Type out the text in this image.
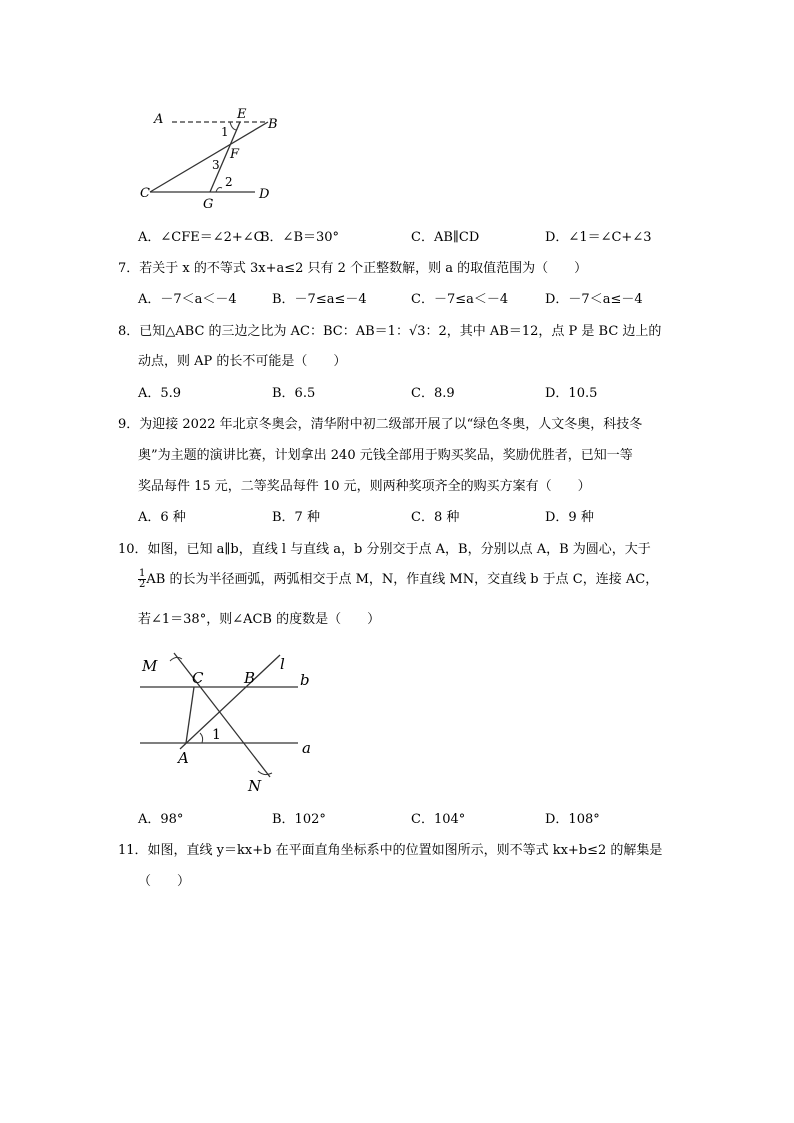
A	E
B
F
C
G
D
1
3
2
A．∠CFE＝∠2+∠C
B．∠B＝30°	C．AB∥CD	D．∠1＝∠C+∠3
7．若关于 x 的不等式 3x+a≤2 只有 2 个正整数解，则 a 的取值范围为（　　）
A．－7＜a＜－4	B．－7≤a≤－4	C．－7≤a＜－4	D．－7＜a≤－4
8．已知△ABC 的三边之比为 AC：BC：AB＝1：√3：2，其中 AB＝12，点 P 是 BC 边上的
动点，则 AP 的长不可能是（　　）
A．5.9	B．6.5	C．8.9	D．10.5
9．为迎接 2022 年北京冬奥会，清华附中初二级部开展了以“绿色冬奥，人文冬奥，科技冬
奥”为主题的演讲比赛，计划拿出 240 元钱全部用于购买奖品，奖励优胜者，已知一等
奖品每件 15 元，二等奖品每件 10 元，则两种奖项齐全的购买方案有（　　）
A．6 种	B．7 种	C．8 种	D．9 种
10．如图，已知 a∥b，直线 l 与直线 a，b 分别交于点 A，B，分别以点 A，B 为圆心，大于
$\frac{1}{2}$ AB 的长为半径画弧，两弧相交于点 M，N，作直线 MN，交直线 b 于点 C，连接 AC，
若∠1＝38°，则∠ACB 的度数是（　　）
M
C	B
l
b
1
A
a
N
A．98°	B．102°	C．104°	D．108°
11．如图，直线 y＝kx+b 在平面直角坐标系中的位置如图所示，则不等式 kx+b≤2 的解集是
（　　）
